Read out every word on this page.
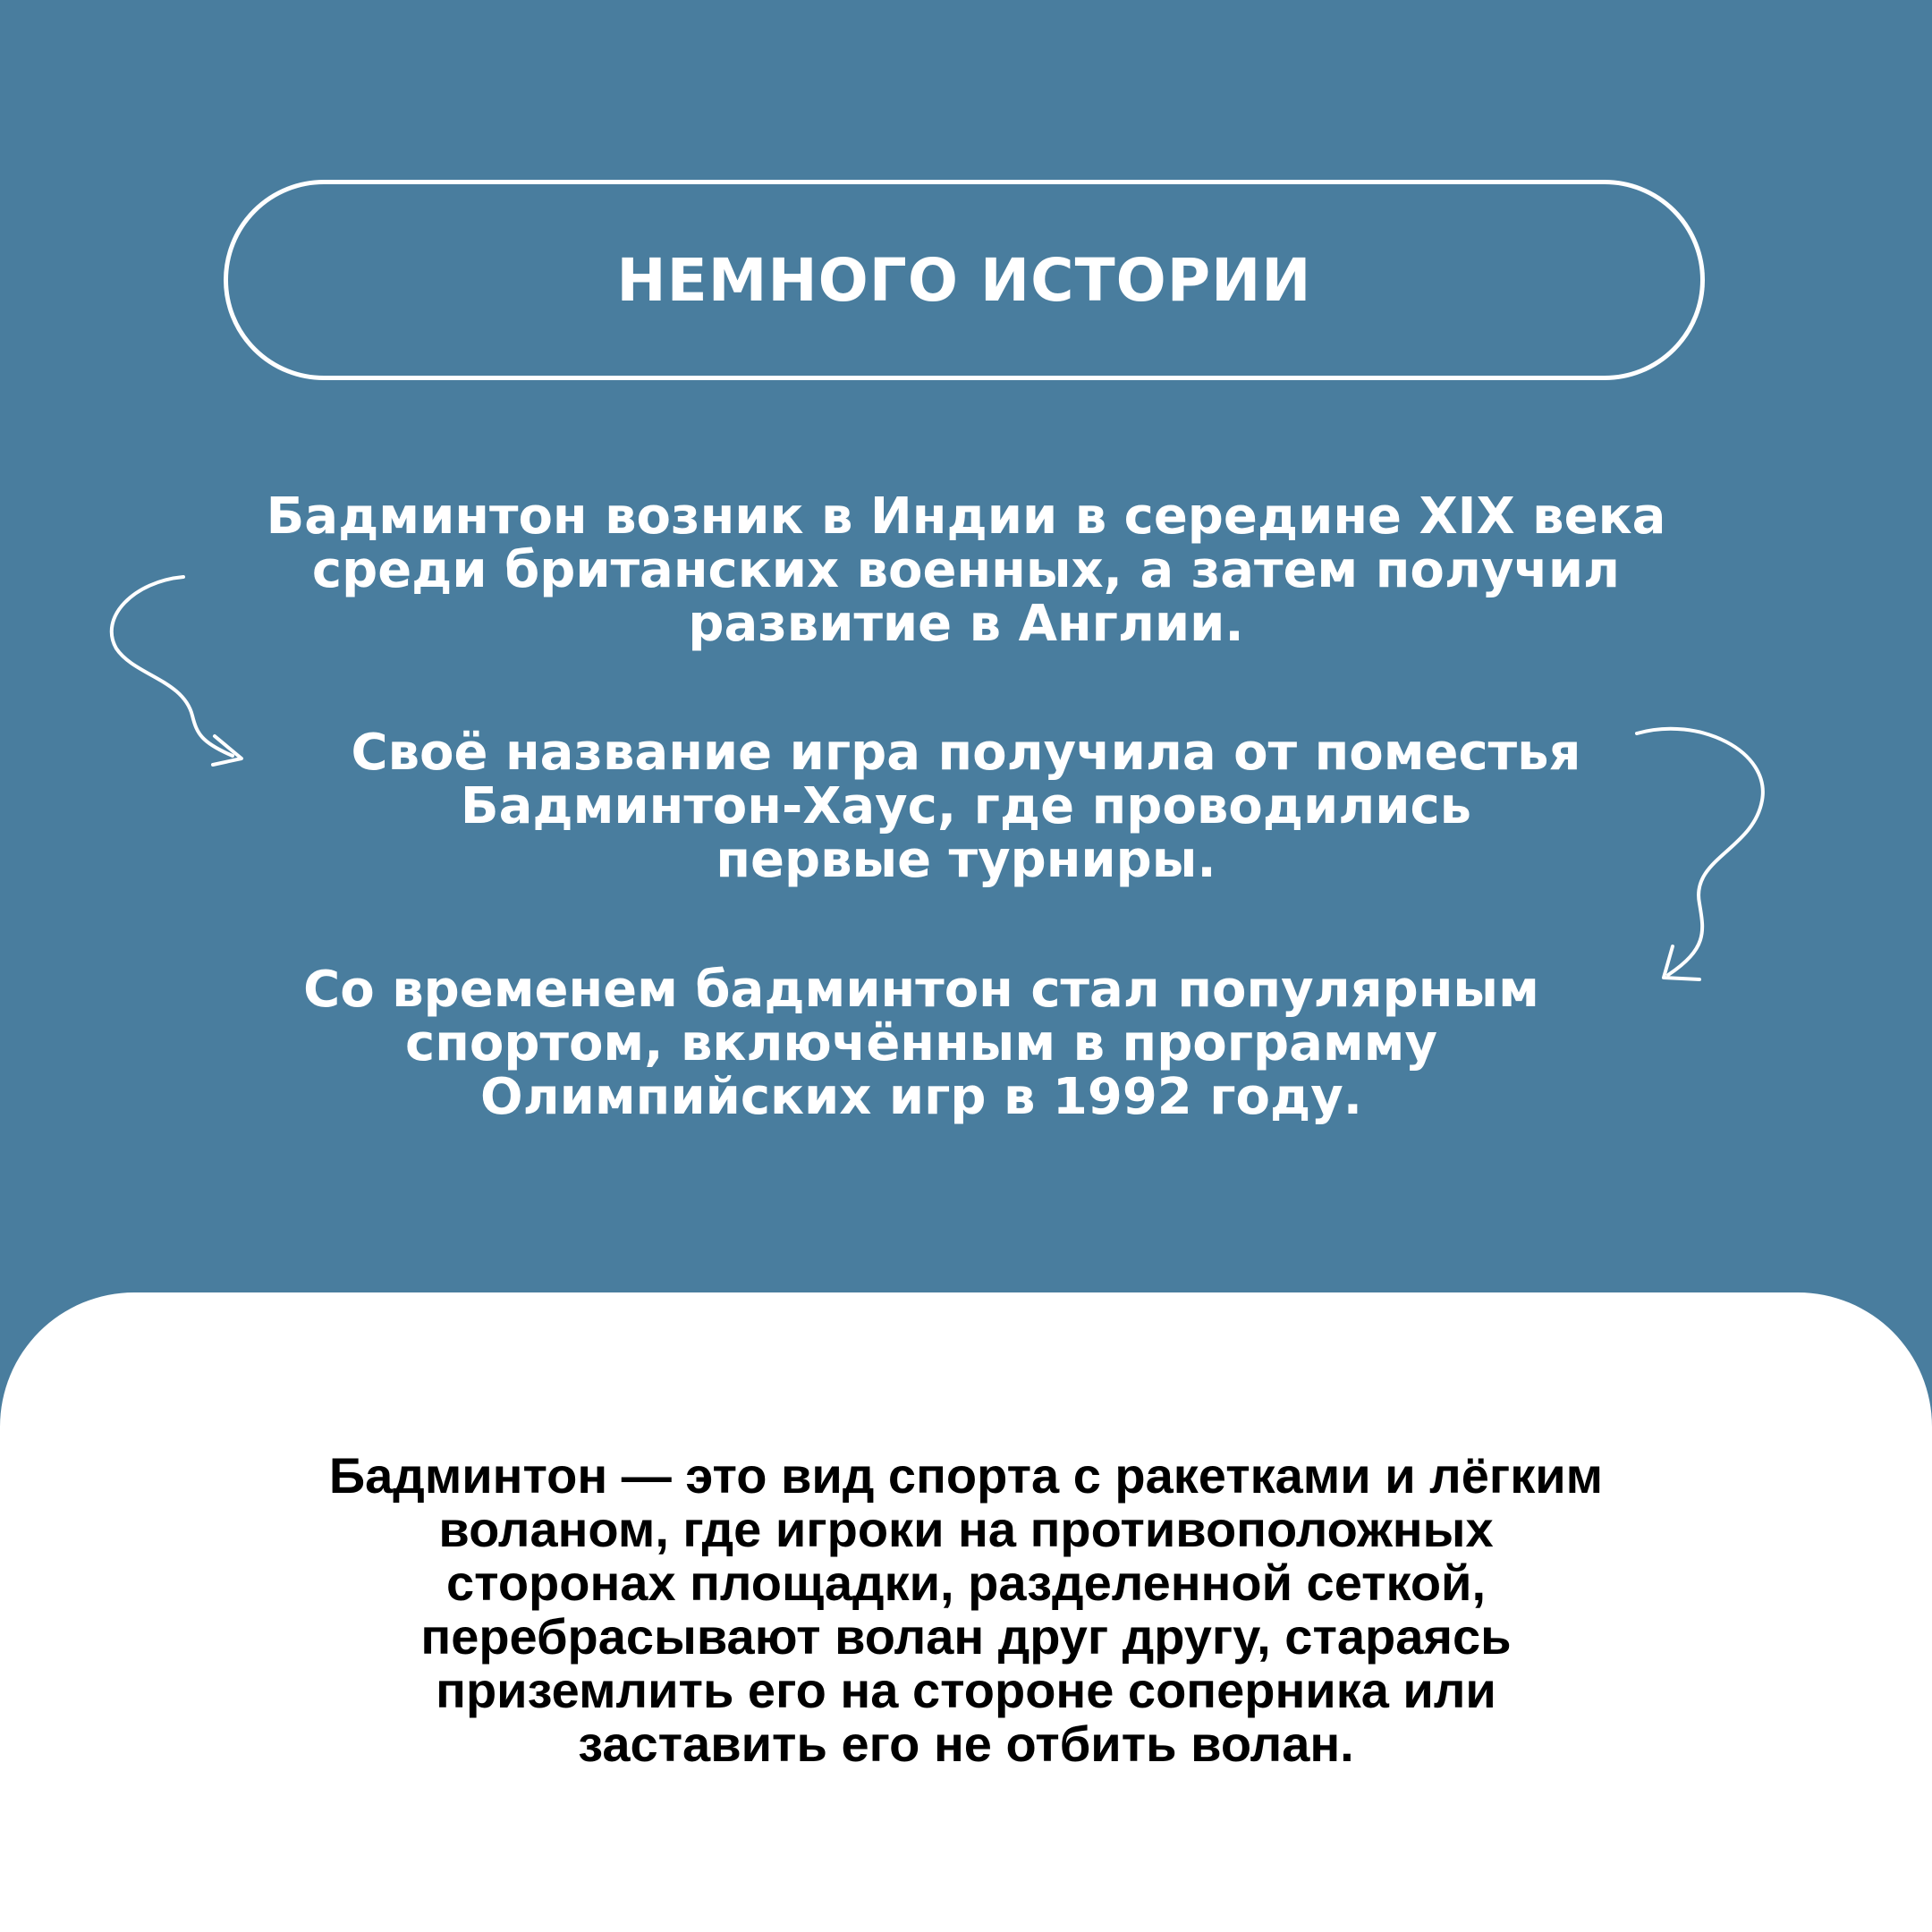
НЕМНОГО ИСТОРИИ

Бадминтон возник в Индии в середине XIX века
среди британских военных, а затем получил
развитие в Англии.

Своё название игра получила от поместья
Бадминтон-Хаус, где проводились
первые турниры.

Со временем бадминтон стал популярным
спортом, включённым в программу
Олимпийских игр в 1992 году.

Бадминтон — это вид спорта с ракетками и лёгким
воланом, где игроки на противоположных
сторонах площадки, разделенной сеткой,
перебрасывают волан друг другу, стараясь
приземлить его на стороне соперника или
заставить его не отбить волан.
